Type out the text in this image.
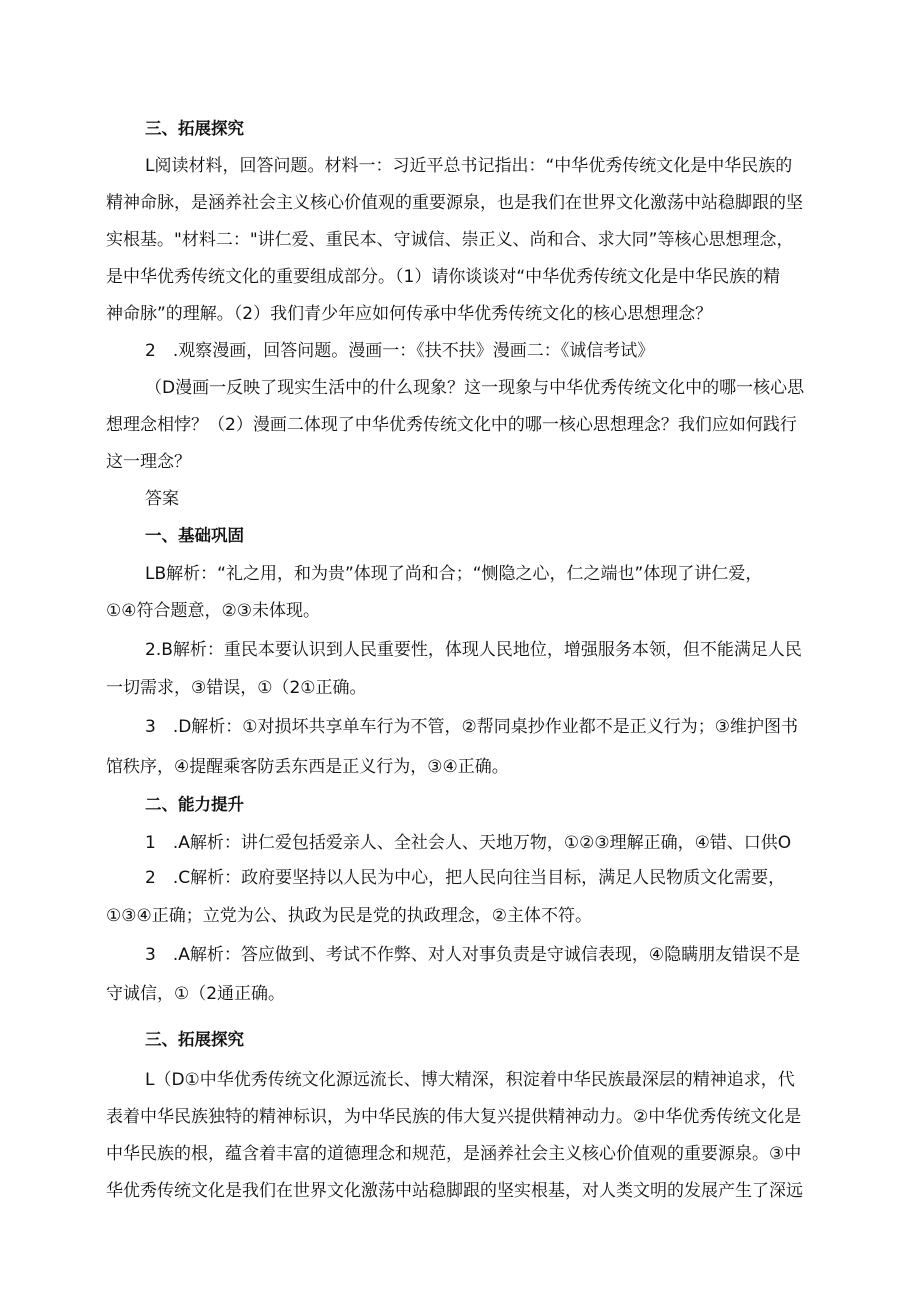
三、拓展探究
L阅读材料，回答问题。材料一：习近平总书记指出：“中华优秀传统文化是中华民族的
精神命脉，是涵养社会主义核心价值观的重要源泉，也是我们在世界文化激荡中站稳脚跟的坚
实根基。"材料二："讲仁爱、重民本、守诚信、崇正义、尚和合、求大同”等核心思想理念，
是中华优秀传统文化的重要组成部分。（1）请你谈谈对“中华优秀传统文化是中华民族的精
神命脉”的理解。（2）我们青少年应如何传承中华优秀传统文化的核心思想理念？
2　.观察漫画，回答问题。漫画一：《扶不扶》漫画二：《诚信考试》
（D漫画一反映了现实生活中的什么现象？这一现象与中华优秀传统文化中的哪一核心思
想理念相悖？（2）漫画二体现了中华优秀传统文化中的哪一核心思想理念？我们应如何践行
这一理念？
答案
一、基础巩固
LB解析：“礼之用，和为贵”体现了尚和合；“恻隐之心，仁之端也”体现了讲仁爱，
①④符合题意，②③未体现。
2.B解析：重民本要认识到人民重要性，体现人民地位，增强服务本领，但不能满足人民
一切需求，③错误，①（2①正确。
3　.D解析：①对损坏共享单车行为不管，②帮同桌抄作业都不是正义行为；③维护图书
馆秩序，④提醒乘客防丢东西是正义行为，③④正确。
二、能力提升
1　.A解析：讲仁爱包括爱亲人、全社会人、天地万物，①②③理解正确，④错、口供O
2　.C解析：政府要坚持以人民为中心，把人民向往当目标，满足人民物质文化需要，
①③④正确；立党为公、执政为民是党的执政理念，②主体不符。
3　.A解析：答应做到、考试不作弊、对人对事负责是守诚信表现，④隐瞒朋友错误不是
守诚信，①（2通正确。
三、拓展探究
L（D①中华优秀传统文化源远流长、博大精深，积淀着中华民族最深层的精神追求，代
表着中华民族独特的精神标识，为中华民族的伟大复兴提供精神动力。②中华优秀传统文化是
中华民族的根，蕴含着丰富的道德理念和规范，是涵养社会主义核心价值观的重要源泉。③中
华优秀传统文化是我们在世界文化激荡中站稳脚跟的坚实根基，对人类文明的发展产生了深远
